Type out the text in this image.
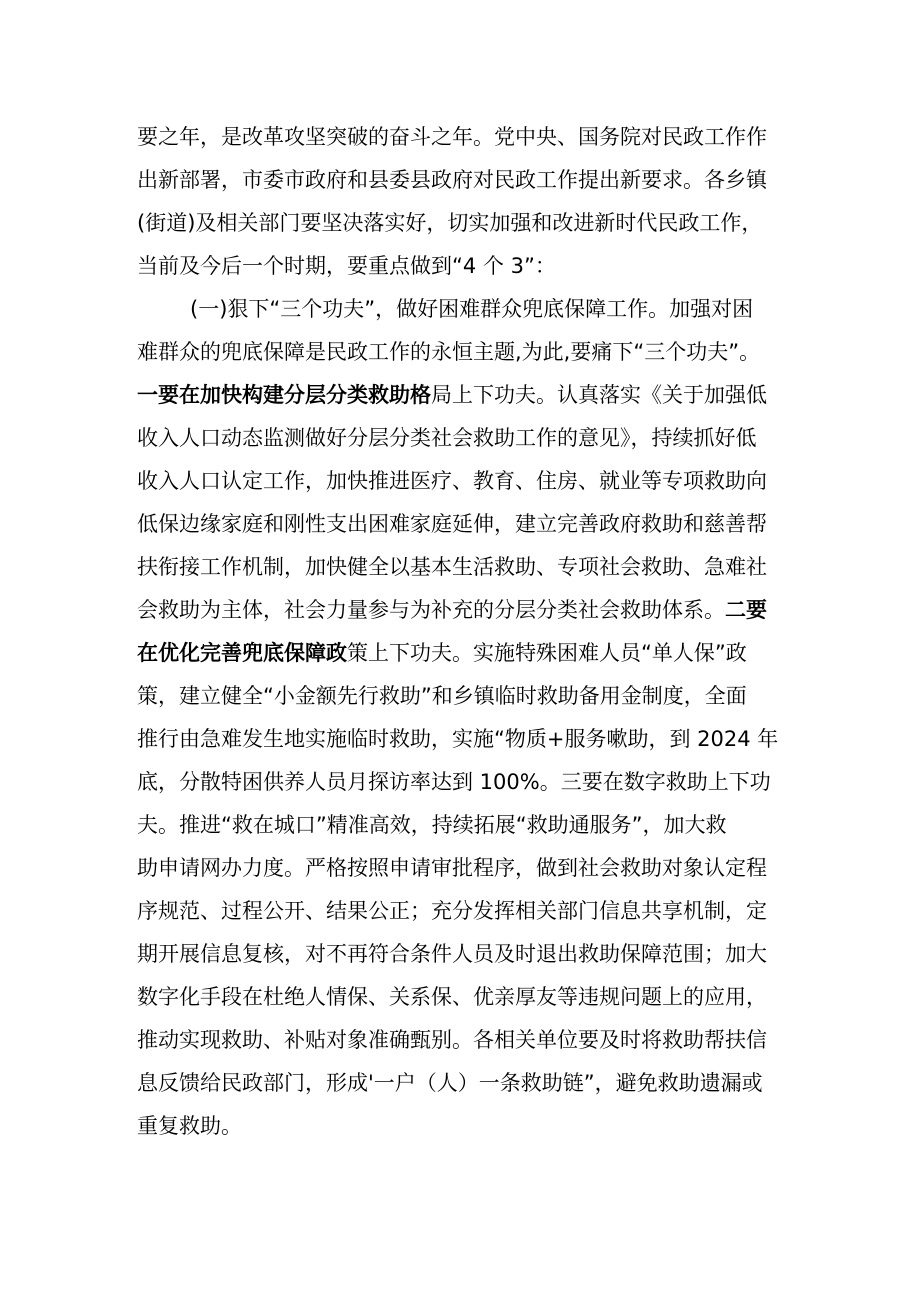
要之年，是改革攻坚突破的奋斗之年。党中央、国务院对民政工作作
出新部署，市委市政府和县委县政府对民政工作提出新要求。各乡镇
(街道)及相关部门要坚决落实好，切实加强和改进新时代民政工作，
当前及今后一个时期，要重点做到“4 个 3”：
(一)狠下“三个功夫”，做好困难群众兜底保障工作。加强对困
难群众的兜底保障是民政工作的永恒主题,为此,要痛下“三个功夫”。
一要在加快构建分层分类救助格局上下功夫。认真落实《关于加强低
收入人口动态监测做好分层分类社会救助工作的意见》，持续抓好低
收入人口认定工作，加快推进医疗、教育、住房、就业等专项救助向
低保边缘家庭和刚性支出困难家庭延伸，建立完善政府救助和慈善帮
扶衔接工作机制，加快健全以基本生活救助、专项社会救助、急难社
会救助为主体，社会力量参与为补充的分层分类社会救助体系。二要
在优化完善兜底保障政策上下功夫。实施特殊困难人员“单人保”政
策，建立健全“小金额先行救助”和乡镇临时救助备用金制度，全面
推行由急难发生地实施临时救助，实施“物质+服务嗽助，到 2024 年
底，分散特困供养人员月探访率达到 100%。三要在数字救助上下功
夫。推进“救在城口”精准高效，持续拓展“救助通服务”，加大救
助申请网办力度。严格按照申请审批程序，做到社会救助对象认定程
序规范、过程公开、结果公正；充分发挥相关部门信息共享机制，定
期开展信息复核，对不再符合条件人员及时退出救助保障范围；加大
数字化手段在杜绝人情保、关系保、优亲厚友等违规问题上的应用，
推动实现救助、补贴对象准确甄别。各相关单位要及时将救助帮扶信
息反馈给民政部门，形成'一户（人）一条救助链”，避免救助遗漏或
重复救助。
